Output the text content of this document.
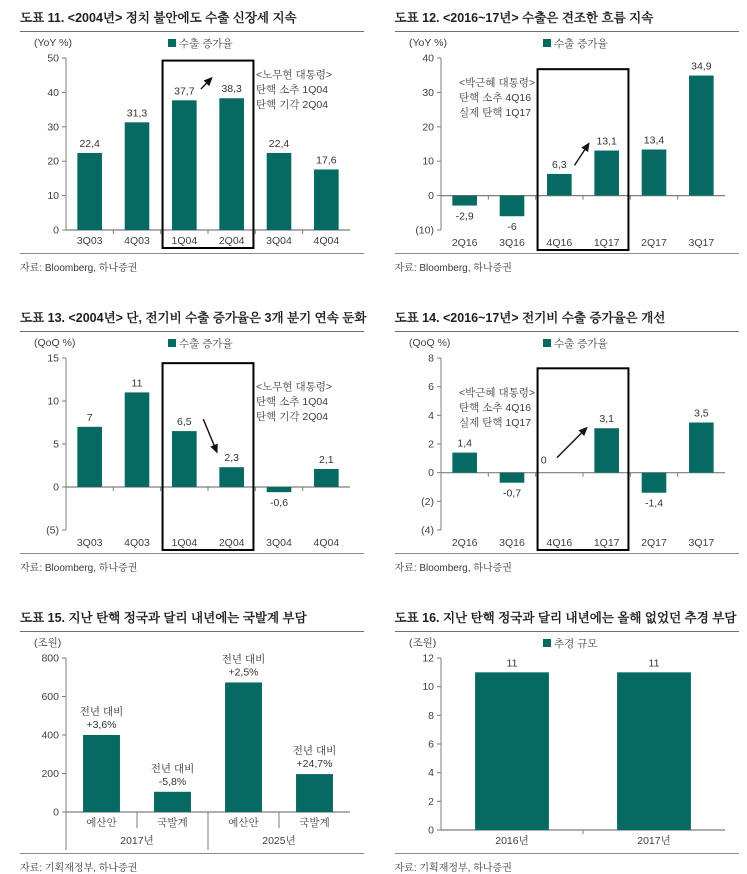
도표 11. <2004년> 정치 불안에도 수출 신장세 지속
(YoY %)	수출 증가율
0
10
20
30
40
50
22,4
31,3
37,7	38,3
22,4
17,6
3Q03 4Q03 1Q04 2Q04 3Q04 4Q04
<노무현 대통령>
탄핵 소추 1Q04
탄핵 기각 2Q04
자료: Bloomberg, 하나증권
도표 12. <2016~17년> 수출은 견조한 흐름 지속
(YoY %)	수출 증가율
(10)
0
10
20
30
40
-2,9
-6
6,3
13,1	13,4
34,9
2Q16 3Q16 4Q16 1Q17 2Q17 3Q17
<박근혜 대통령>
탄핵 소추 4Q16
실제 탄핵 1Q17
자료: Bloomberg, 하나증권
도표 13. <2004년> 단, 전기비 수출 증가율은 3개 분기 연속 둔화
(QoQ %)	수출 증가율
(5)
0
5
10
15
7
11
6,5
2,3
-0,6
2,1
3Q03 4Q03 1Q04 2Q04 3Q04 4Q04
<노무현 대통령>
탄핵 소추 1Q04
탄핵 기각 2Q04
자료: Bloomberg, 하나증권
도표 14. <2016~17년> 전기비 수출 증가율은 개선
(QoQ %)	수출 증가율
(4)
(2)
0
2
4
6
8
1,4
-0,7
0
3,1
-1,4
3,5
2Q16 3Q16 4Q16 1Q17 2Q17 3Q17
<박근혜 대통령>
탄핵 소추 4Q16
실제 탄핵 1Q17
자료: Bloomberg, 하나증권
도표 15. 지난 탄핵 정국과 달리 내년에는 국발계 부담
(조원)
0
200
400
600
800
전년 대비
+3,6%
전년 대비
-5,8%
전년 대비
+2,5%
전년 대비
+24,7%
예산안	국발계	예산안	국발계
2017년	2025년
자료: 기획재정부, 하나증권
도표 16. 지난 탄핵 정국과 달리 내년에는 올해 없었던 추경 부담
(조원)	추경 규모
0
2
4
6
8
10
12	11	11
2016년	2017년
자료: 기획재정부, 하나증권
